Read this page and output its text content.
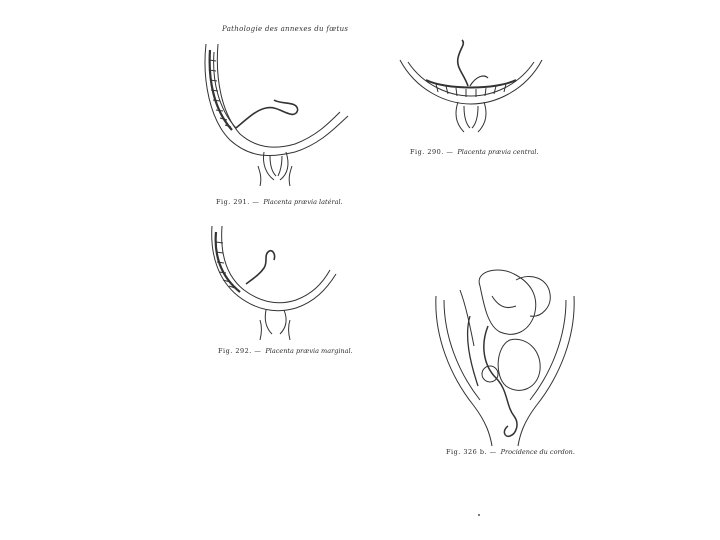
Pathologie des annexes du fœtus
Fig. 291. — Placenta prævia latéral.
Fig. 290. — Placenta prævia central.
Fig. 292. — Placenta prævia marginal.
Fig. 326 b. — Procidence du cordon.
